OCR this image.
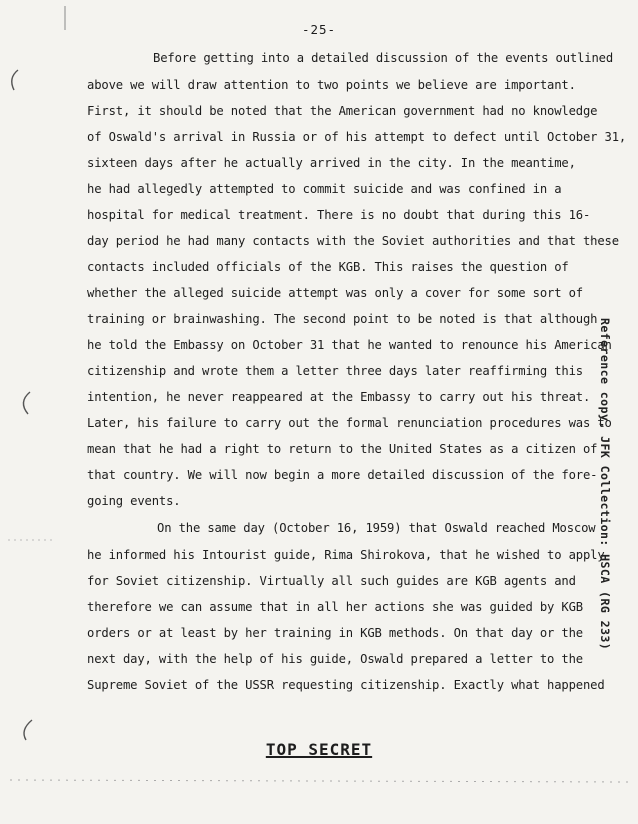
-25-
Before getting into a detailed discussion of the events outlined
above we will draw attention to two points we believe are important.
First, it should be noted that the American government had no knowledge
of Oswald's arrival in Russia or of his attempt to defect until October 31,
sixteen days after he actually arrived in the city. In the meantime,
he had allegedly attempted to commit suicide and was confined in a
hospital for medical treatment. There is no doubt that during this 16-
day period he had many contacts with the Soviet authorities and that these
contacts included officials of the KGB. This raises the question of
whether the alleged suicide attempt was only a cover for some sort of
training or brainwashing. The second point to be noted is that although
he told the Embassy on October 31 that he wanted to renounce his American
citizenship and wrote them a letter three days later reaffirming this
intention, he never reappeared at the Embassy to carry out his threat.
Later, his failure to carry out the formal renunciation procedures was to
mean that he had a right to return to the United States as a citizen of
that country. We will now begin a more detailed discussion of the fore-
going events.
On the same day (October 16, 1959) that Oswald reached Moscow
he informed his Intourist guide, Rima Shirokova, that he wished to apply
for Soviet citizenship. Virtually all such guides are KGB agents and
therefore we can assume that in all her actions she was guided by KGB
orders or at least by her training in KGB methods. On that day or the
next day, with the help of his guide, Oswald prepared a letter to the
Supreme Soviet of the USSR requesting citizenship. Exactly what happened
TOP SECRET
Reference copy, JFK Collection: HSCA (RG 233)
